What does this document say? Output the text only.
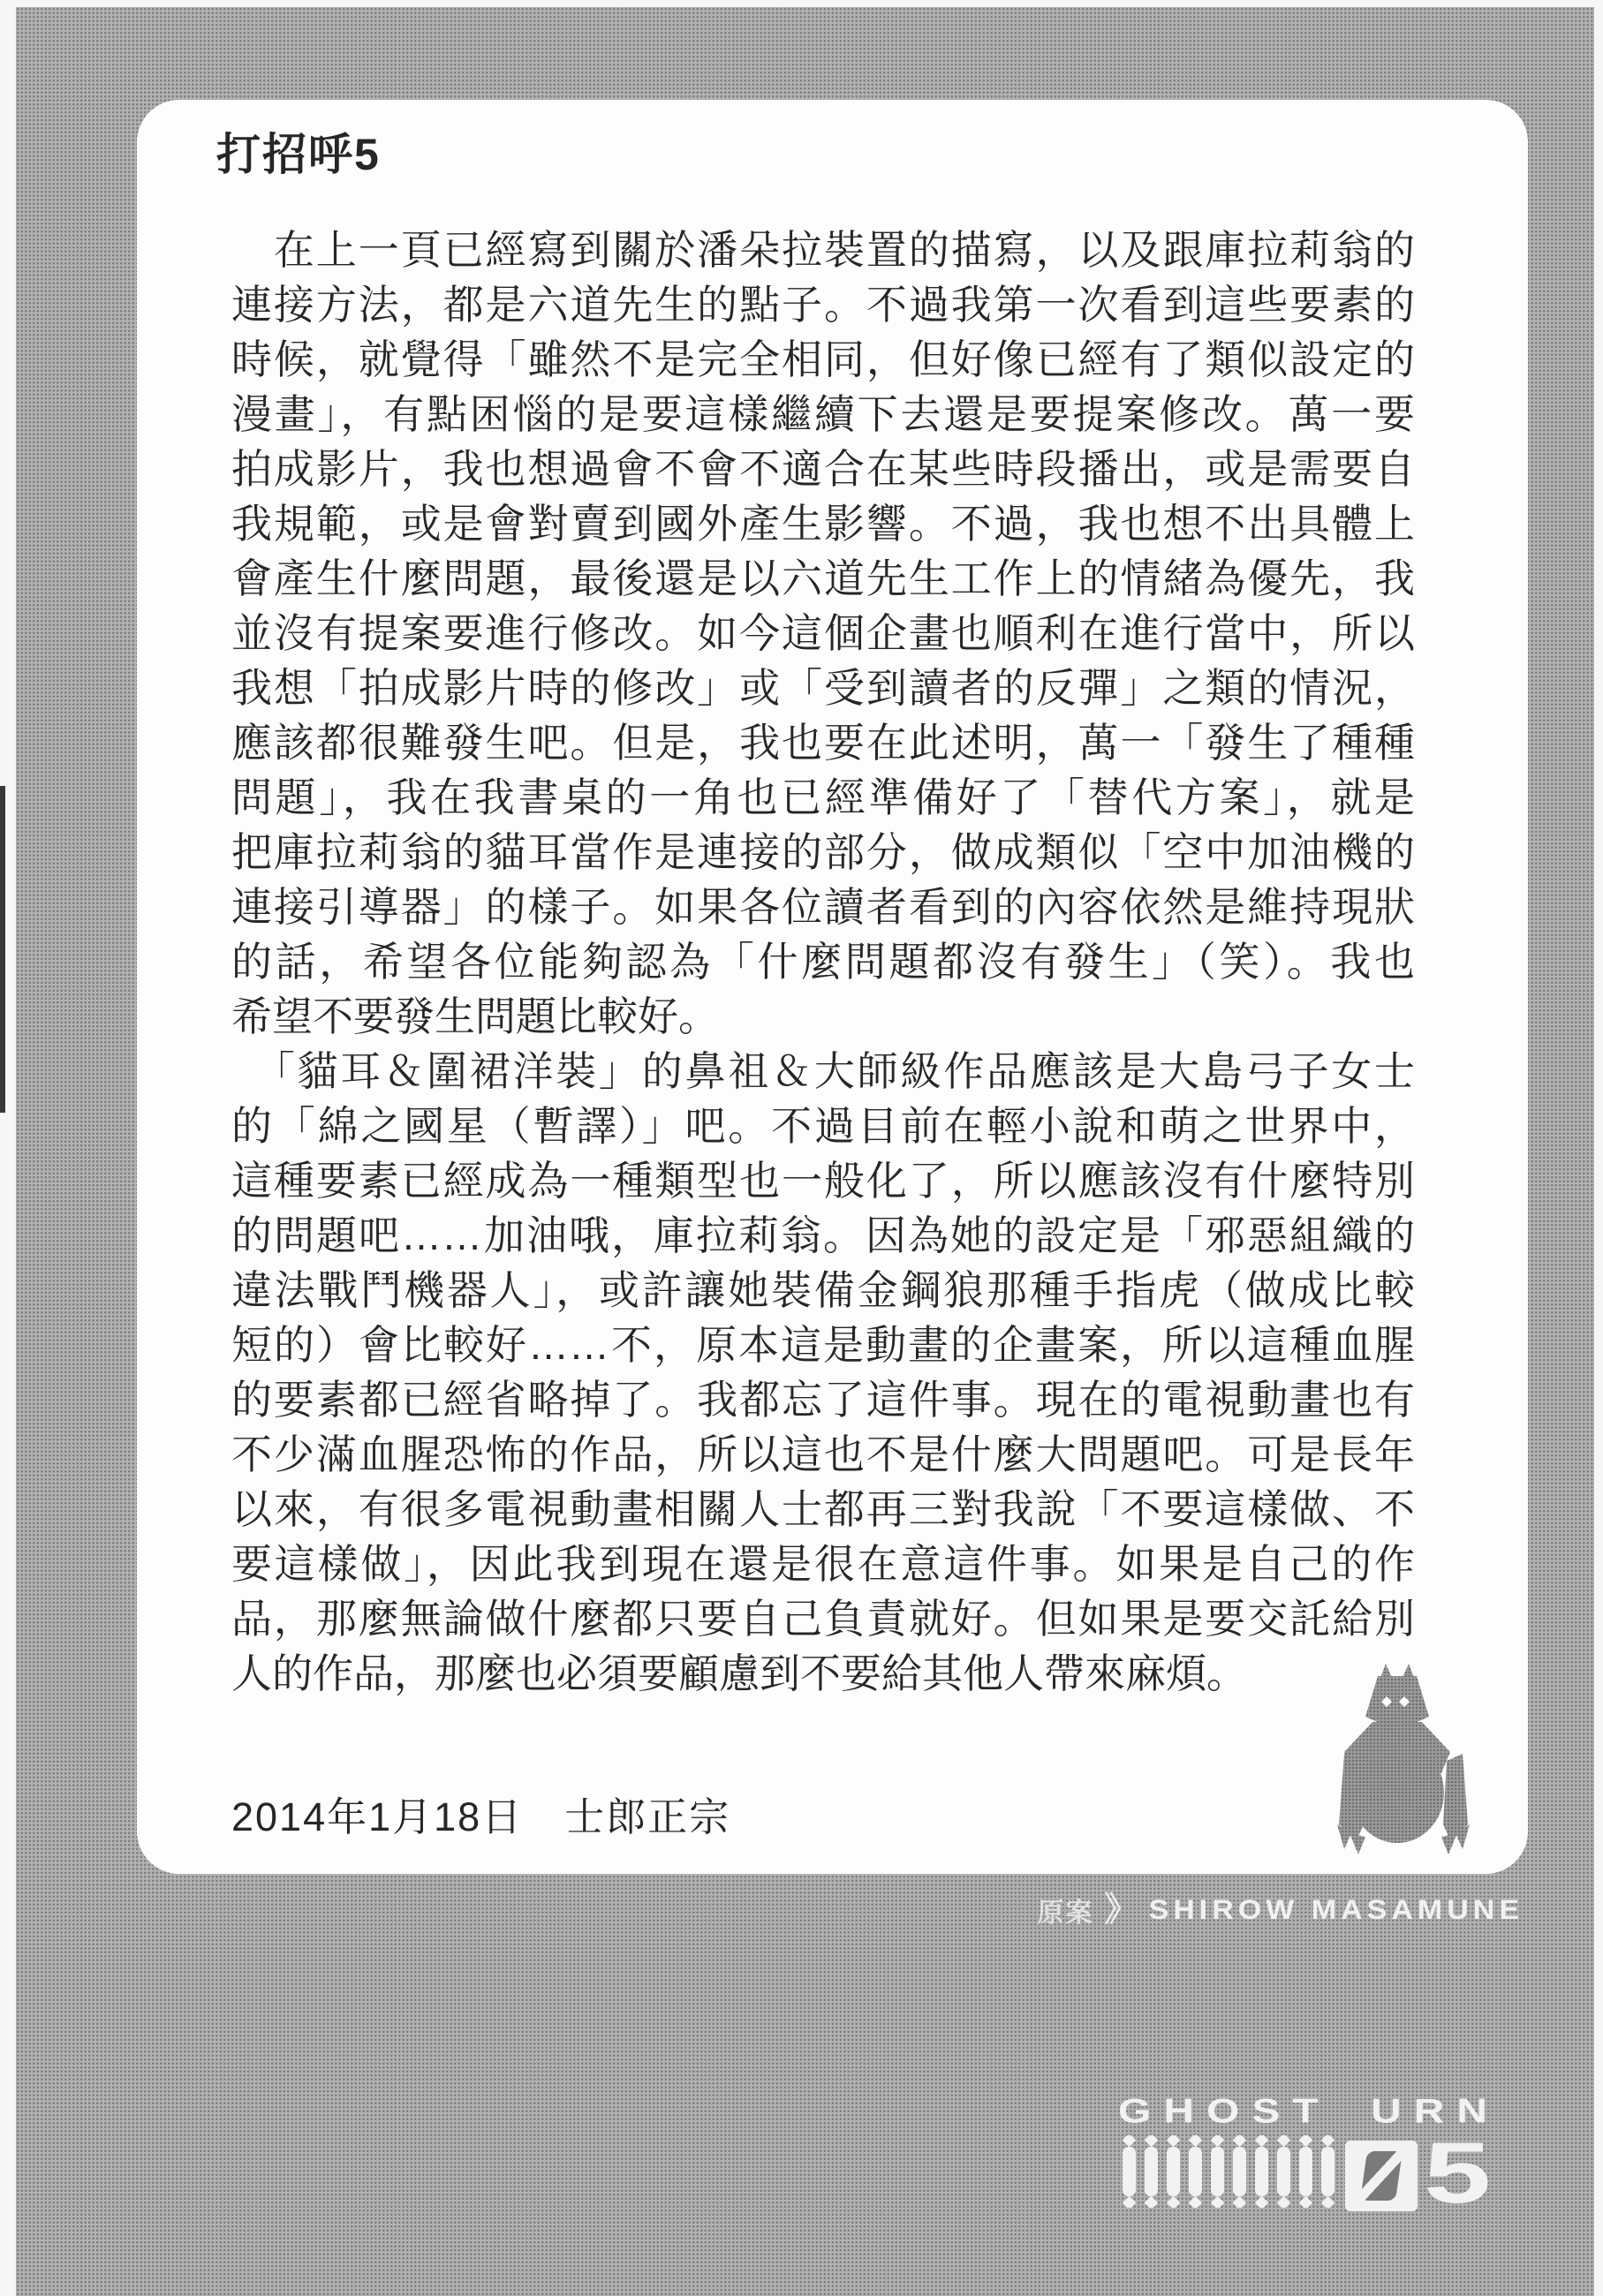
打招呼5
　在上一頁已經寫到關於潘朵拉裝置的描寫，以及跟庫拉莉翁的
連接方法，都是六道先生的點子。不過我第一次看到這些要素的
時候，就覺得「雖然不是完全相同，但好像已經有了類似設定的
漫畫」，有點困惱的是要這樣繼續下去還是要提案修改。萬一要
拍成影片，我也想過會不會不適合在某些時段播出，或是需要自
我規範，或是會對賣到國外產生影響。不過，我也想不出具體上
會產生什麼問題，最後還是以六道先生工作上的情緒為優先，我
並沒有提案要進行修改。如今這個企畫也順利在進行當中，所以
我想「拍成影片時的修改」或「受到讀者的反彈」之類的情況，
應該都很難發生吧。但是，我也要在此述明，萬一「發生了種種
問題」，我在我書桌的一角也已經準備好了「替代方案」，就是
把庫拉莉翁的貓耳當作是連接的部分，做成類似「空中加油機的
連接引導器」的樣子。如果各位讀者看到的內容依然是維持現狀
的話，希望各位能夠認為「什麼問題都沒有發生」（笑）。我也
希望不要發生問題比較好。
　「貓耳＆圍裙洋裝」的鼻祖＆大師級作品應該是大島弓子女士
的「綿之國星（暫譯）」吧。不過目前在輕小說和萌之世界中，
這種要素已經成為一種類型也一般化了，所以應該沒有什麼特別
的問題吧……加油哦，庫拉莉翁。因為她的設定是「邪惡組織的
違法戰鬥機器人」，或許讓她裝備金鋼狼那種手指虎（做成比較
短的）會比較好……不，原本這是動畫的企畫案，所以這種血腥
的要素都已經省略掉了。我都忘了這件事。現在的電視動畫也有
不少滿血腥恐怖的作品，所以這也不是什麼大問題吧。可是長年
以來，有很多電視動畫相關人士都再三對我說「不要這樣做、不
要這樣做」，因此我到現在還是很在意這件事。如果是自己的作
品，那麼無論做什麼都只要自己負責就好。但如果是要交託給別
人的作品，那麼也必須要顧慮到不要給其他人帶來麻煩。
2014年1月18日　士郎正宗
原案 》 SHIROW MASAMUNE
GHOST URN
5
